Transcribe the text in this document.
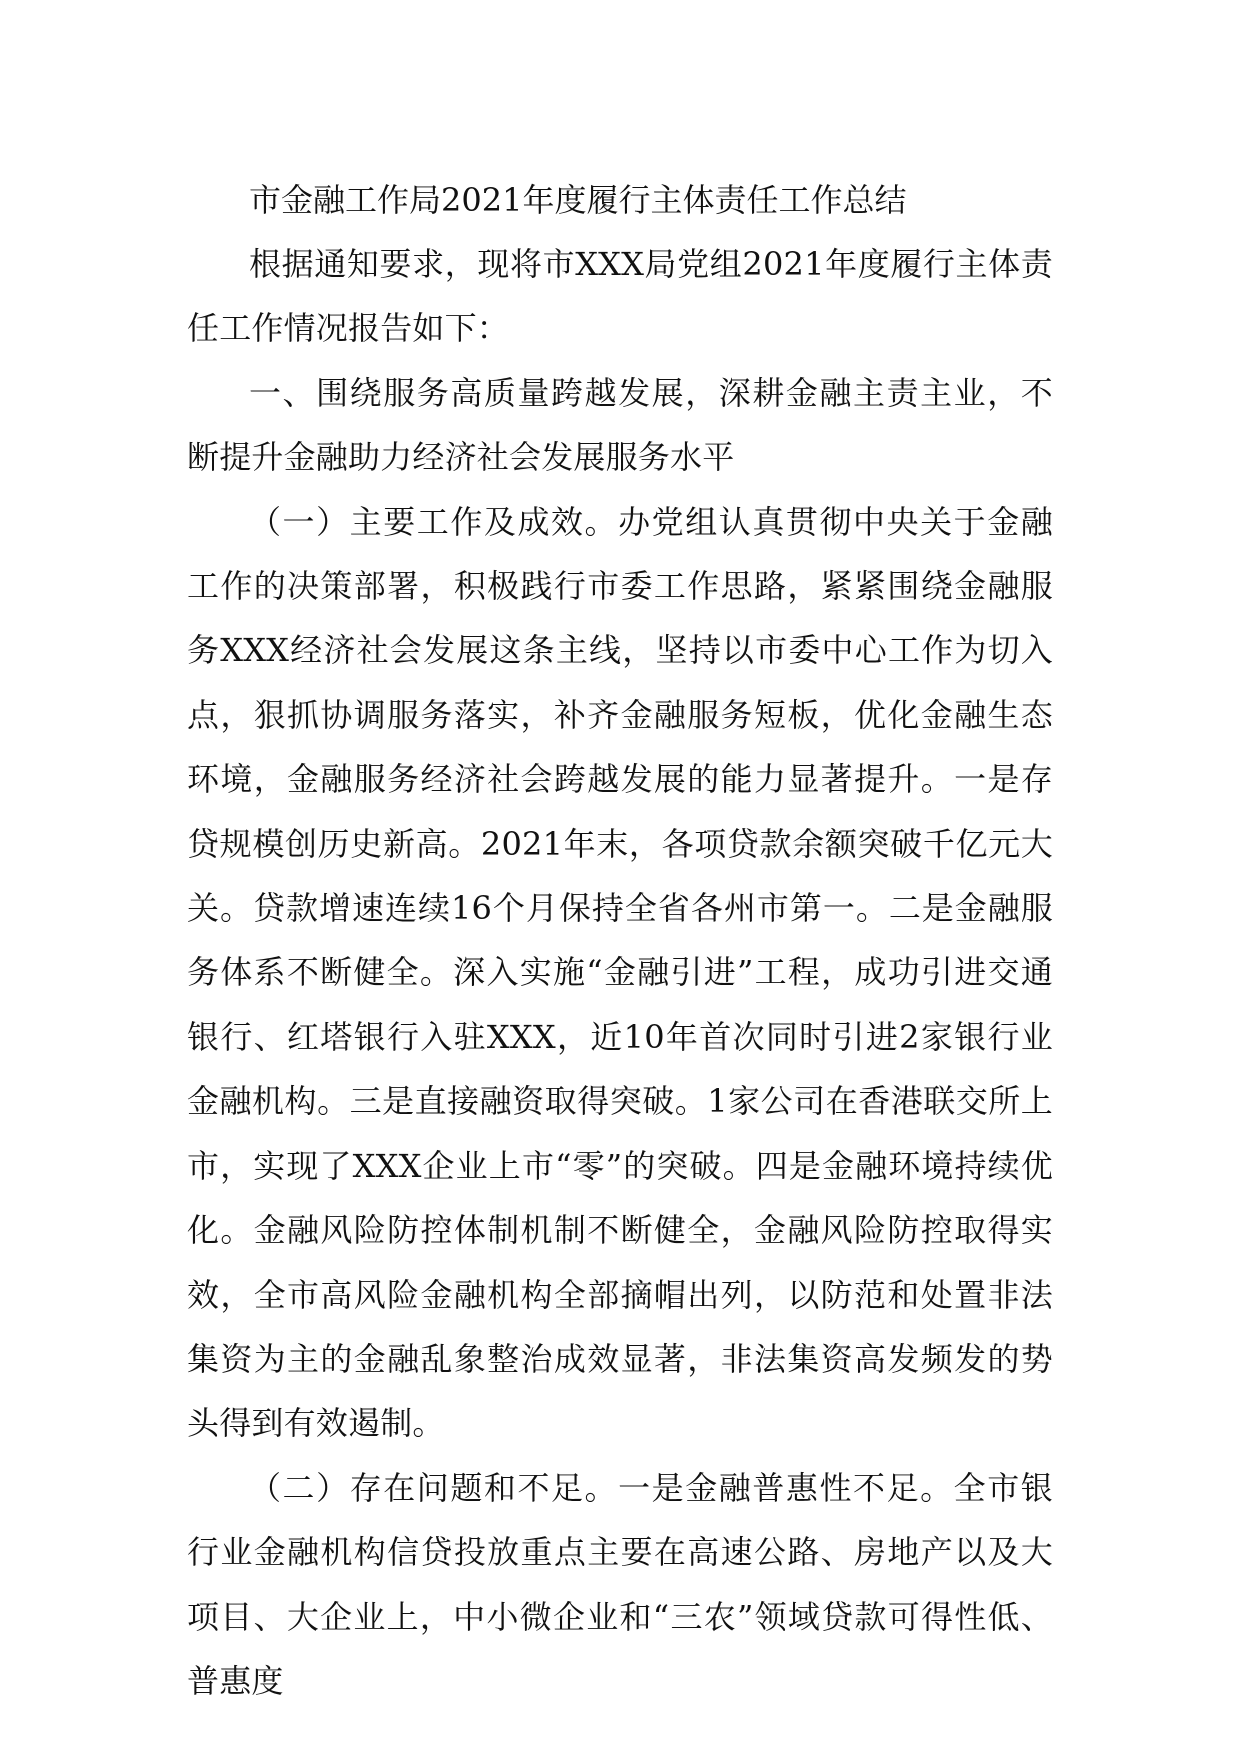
市金融工作局2021年度履行主体责任工作总结

根据通知要求，现将市XXX局党组2021年度履行主体责任工作情况报告如下：

一、围绕服务高质量跨越发展，深耕金融主责主业，不断提升金融助力经济社会发展服务水平

（一）主要工作及成效。办党组认真贯彻中央关于金融工作的决策部署，积极践行市委工作思路，紧紧围绕金融服务XXX经济社会发展这条主线，坚持以市委中心工作为切入点，狠抓协调服务落实，补齐金融服务短板，优化金融生态环境，金融服务经济社会跨越发展的能力显著提升。一是存贷规模创历史新高。2021年末，各项贷款余额突破千亿元大关。贷款增速连续16个月保持全省各州市第一。二是金融服务体系不断健全。深入实施“金融引进”工程，成功引进交通银行、红塔银行入驻XXX，近10年首次同时引进2家银行业金融机构。三是直接融资取得突破。1家公司在香港联交所上市，实现了XXX企业上市“零”的突破。四是金融环境持续优化。金融风险防控体制机制不断健全，金融风险防控取得实效，全市高风险金融机构全部摘帽出列，以防范和处置非法集资为主的金融乱象整治成效显著，非法集资高发频发的势头得到有效遏制。

（二）存在问题和不足。一是金融普惠性不足。全市银行业金融机构信贷投放重点主要在高速公路、房地产以及大项目、大企业上，中小微企业和“三农”领域贷款可得性低、普惠度
